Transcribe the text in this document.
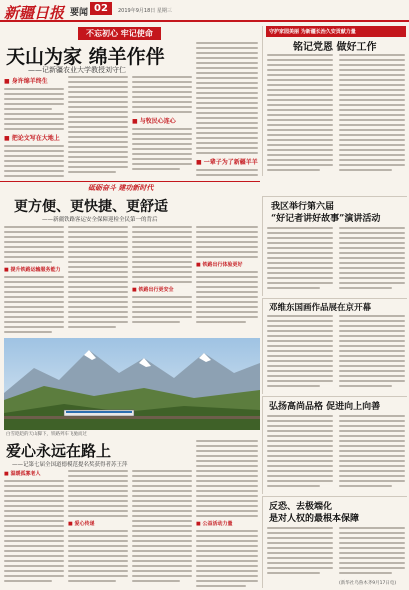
新疆日报 要闻 02	2019年9月18日 星期三
不忘初心 牢记使命
天山为家 绵羊作伴
——记新疆农业大学教授刘守仁
■ 身许绵羊终生
■ 把论文写在大地上
■ 与牧民心连心
■ 一辈子为了新疆羊羊
守护家园美丽 为新疆长治久安贡献力量
铭记党恩 做好工作
砥砺奋斗 建功新时代
更方便、更快捷、更舒适
——新疆铁路客运安全保障迎检全民第一的背后
■ 提升铁路运输服务能力
■ 铁路出行更安全
■ 铁路出行体验更好
我区举行第六届
“好记者讲好故事”演讲活动
邓维东国画作品展在京开幕
白雪皑皑的天山脚下，铁路列车飞驰而过
爱心永远在路上
——记第七届全国道德模范提名奖获得者苏王萍
■ 温暖孤寡老人
■ 爱心传递	■ 公益活动力量
弘扬高尚品格 促进向上向善
反恐、去极端化
是对人权的最根本保障
(新华社乌鲁木齐9月17日电)
